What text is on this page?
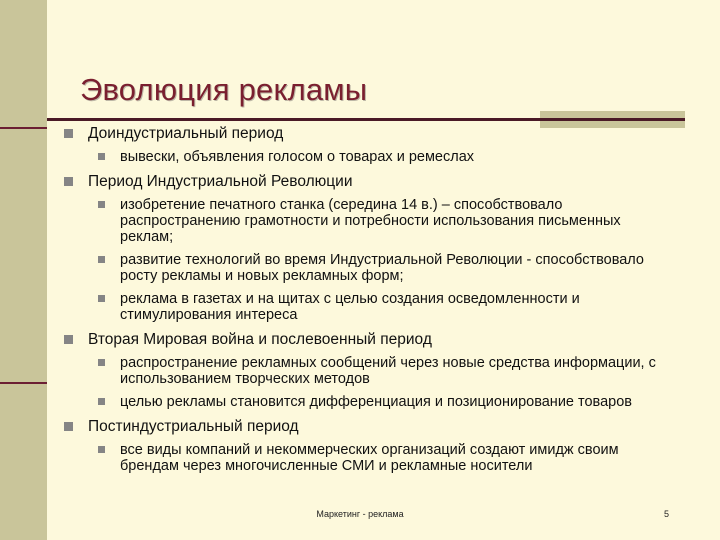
Эволюция рекламы
Доиндустриальный период
вывески, объявления голосом о товарах и ремеслах
Период Индустриальной Революции
изобретение печатного станка (середина 14 в.) – способствовало распространению грамотности и потребности использования письменных реклам;
развитие технологий во время Индустриальной Революции - способствовало росту рекламы и новых рекламных форм;
реклама в газетах и на щитах с целью создания осведомленности и стимулирования интереса
Вторая Мировая война и послевоенный период
распространение рекламных сообщений через новые средства информации, с использованием творческих методов
целью рекламы становится дифференциация и позиционирование товаров
Постиндустриальный период
все виды компаний и некоммерческих организаций создают имидж своим брендам через многочисленные СМИ и рекламные носители
Маркетинг - реклама	5
